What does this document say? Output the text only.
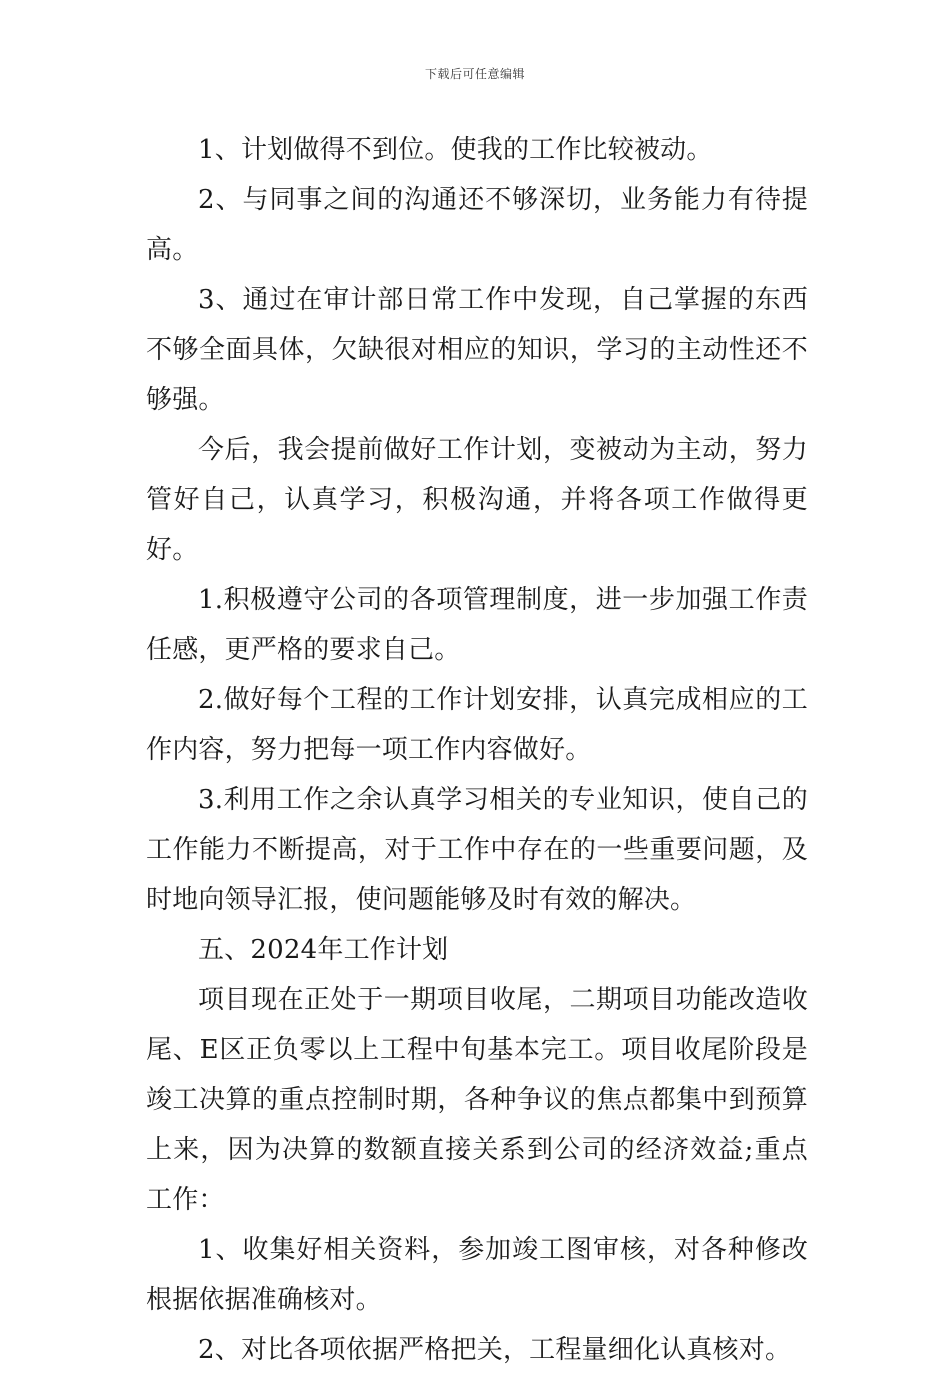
下载后可任意编辑

1、计划做得不到位。使我的工作比较被动。

2、与同事之间的沟通还不够深切，业务能力有待提高。

3、通过在审计部日常工作中发现，自己掌握的东西不够全面具体，欠缺很对相应的知识，学习的主动性还不够强。

今后，我会提前做好工作计划，变被动为主动，努力管好自己，认真学习，积极沟通，并将各项工作做得更好。

1.积极遵守公司的各项管理制度，进一步加强工作责任感，更严格的要求自己。

2.做好每个工程的工作计划安排，认真完成相应的工作内容，努力把每一项工作内容做好。

3.利用工作之余认真学习相关的专业知识，使自己的工作能力不断提高，对于工作中存在的一些重要问题，及时地向领导汇报，使问题能够及时有效的解决。

五、2024年工作计划

项目现在正处于一期项目收尾，二期项目功能改造收尾、E区正负零以上工程中旬基本完工。项目收尾阶段是竣工决算的重点控制时期，各种争议的焦点都集中到预算上来，因为决算的数额直接关系到公司的经济效益;重点工作：

1、收集好相关资料，参加竣工图审核，对各种修改根据依据准确核对。

2、对比各项依据严格把关，工程量细化认真核对。
